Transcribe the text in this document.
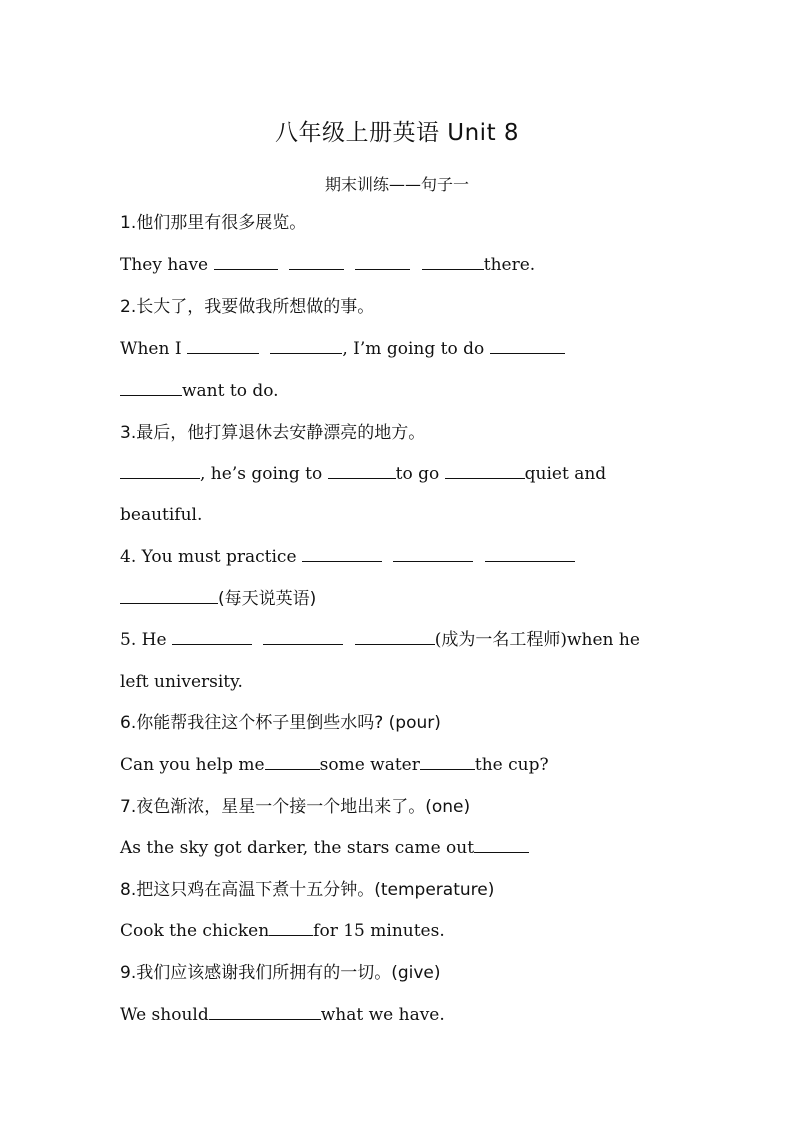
八年级上册英语 Unit 8
期末训练——句子一
1.他们那里有很多展览。
They have	there.
2.长大了，我要做我所想做的事。
When I	, I’m going to do
want to do.
3.最后，他打算退休去安静漂亮的地方。
, he’s going to	to go	quiet and
beautiful.
4. You must practice
(每天说英语)
5. He	(成为一名工程师)when he
left university.
6.你能帮我往这个杯子里倒些水吗? (pour)
Can you help me	some water	the cup?
7.夜色渐浓，星星一个接一个地出来了。(one)
As the sky got darker, the stars came out
8.把这只鸡在高温下煮十五分钟。(temperature)
Cook the chicken	for 15 minutes.
9.我们应该感谢我们所拥有的一切。(give)
We should	what we have.
